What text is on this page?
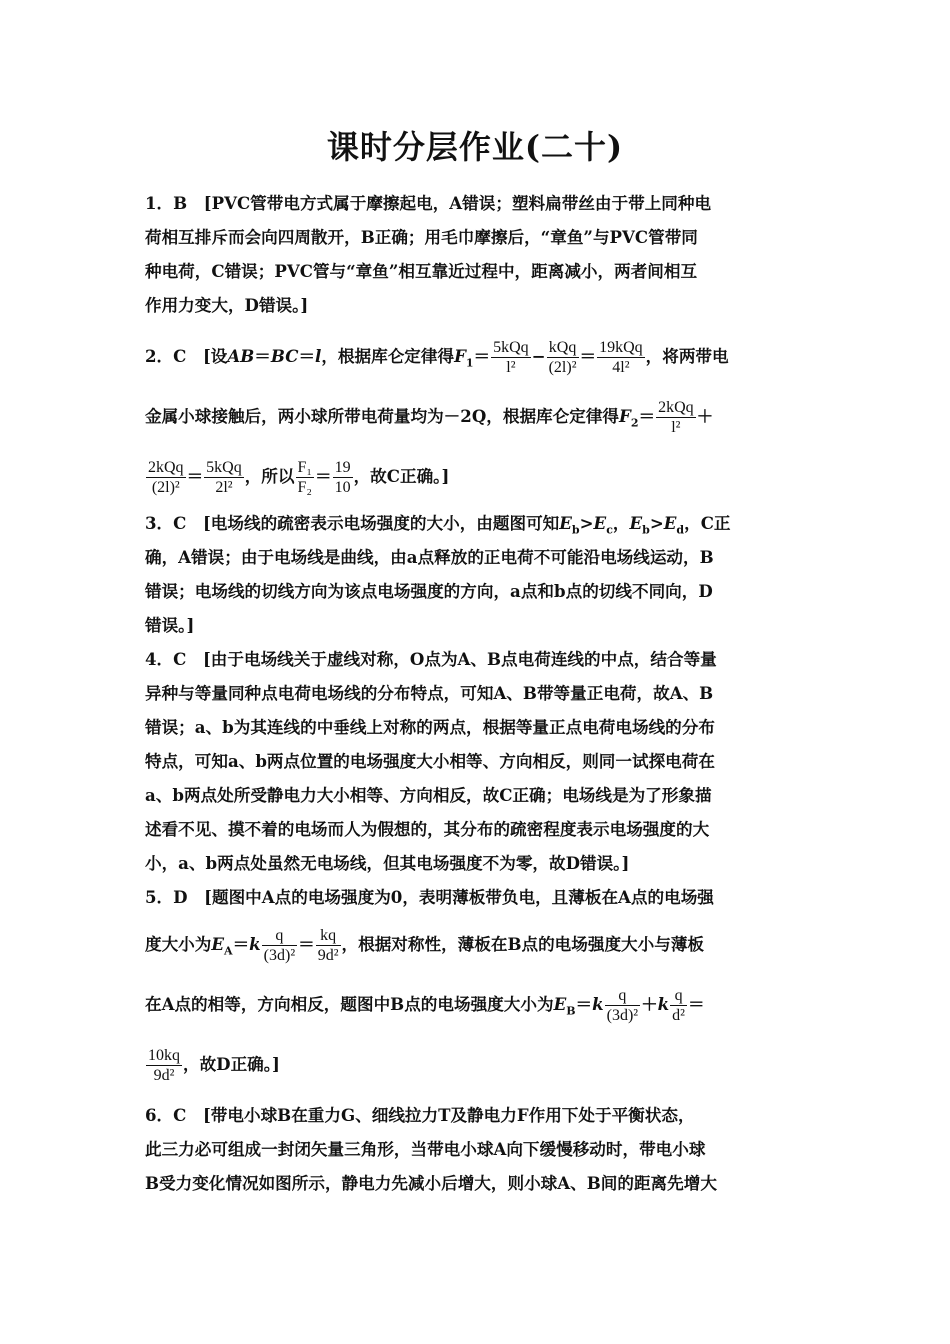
课时分层作业(二十)
1．B　[PVC管带电方式属于摩擦起电，A错误；塑料扁带丝由于带上同种电
荷相互排斥而会向四周散开，B正确；用毛巾摩擦后，“章鱼”与PVC管带同
种电荷，C错误；PVC管与“章鱼”相互靠近过程中，距离减小，两者间相互
作用力变大，D错误。]
2．C　[设AB＝BC＝l，根据库仑定律得$F_1= \frac{\text{5kQq}}{\text{l²}} - \frac{\text{kQq}}{\text{(2l)²}} = \frac{\text{19kQq}}{\text{4l²}}$ ，将两带电
金属小球接触后，两小球所带电荷量均为－2Q，根据库仑定律得$F_2= \frac{\text{2kQq}}{\text{l²}}$ ＋
$\frac{\text{2kQq}}{\text{(2l)²}} = \frac{\text{5kQq}}{\text{2l²}}$ ，所以 $\frac{\text{F₁}}{\text{F₂}} = \frac{19}{10}$ ，故C正确。]
3．C　[电场线的疏密表示电场强度的大小，由题图可知$E_b>E_c$，$E_b>E_d$，C正
确，A错误；由于电场线是曲线，由a点释放的正电荷不可能沿电场线运动，B
错误；电场线的切线方向为该点电场强度的方向，a点和b点的切线不同向，D
错误。]
4．C　[由于电场线关于虚线对称，O点为A、B点电荷连线的中点，结合等量
异种与等量同种点电荷电场线的分布特点，可知A、B带等量正电荷，故A、B
错误；a、b为其连线的中垂线上对称的两点，根据等量正点电荷电场线的分布
特点，可知a、b两点位置的电场强度大小相等、方向相反，则同一试探电荷在
a、b两点处所受静电力大小相等、方向相反，故C正确；电场线是为了形象描
述看不见、摸不着的电场而人为假想的，其分布的疏密程度表示电场强度的大
小，a、b两点处虽然无电场线，但其电场强度不为零，故D错误。]
5．D　[题图中A点的电场强度为0，表明薄板带负电，且薄板在A点的电场强
度大小为$E_A=k \frac{q}{\text{(3d)²}} = \frac{kq}{\text{9d²}}$ ，根据对称性，薄板在B点的电场强度大小与薄板
在A点的相等，方向相反，题图中B点的电场强度大小为$E_B=k \frac{q}{\text{(3d)²}} +k \frac{q}{\text{d²}}$ ＝
$\frac{10kq}{\text{9d²}}$ ，故D正确。]
6．C　[带电小球B在重力G、细线拉力T及静电力F作用下处于平衡状态，
此三力必可组成一封闭矢量三角形，当带电小球A向下缓慢移动时，带电小球
B受力变化情况如图所示，静电力先减小后增大，则小球A、B间的距离先增大
